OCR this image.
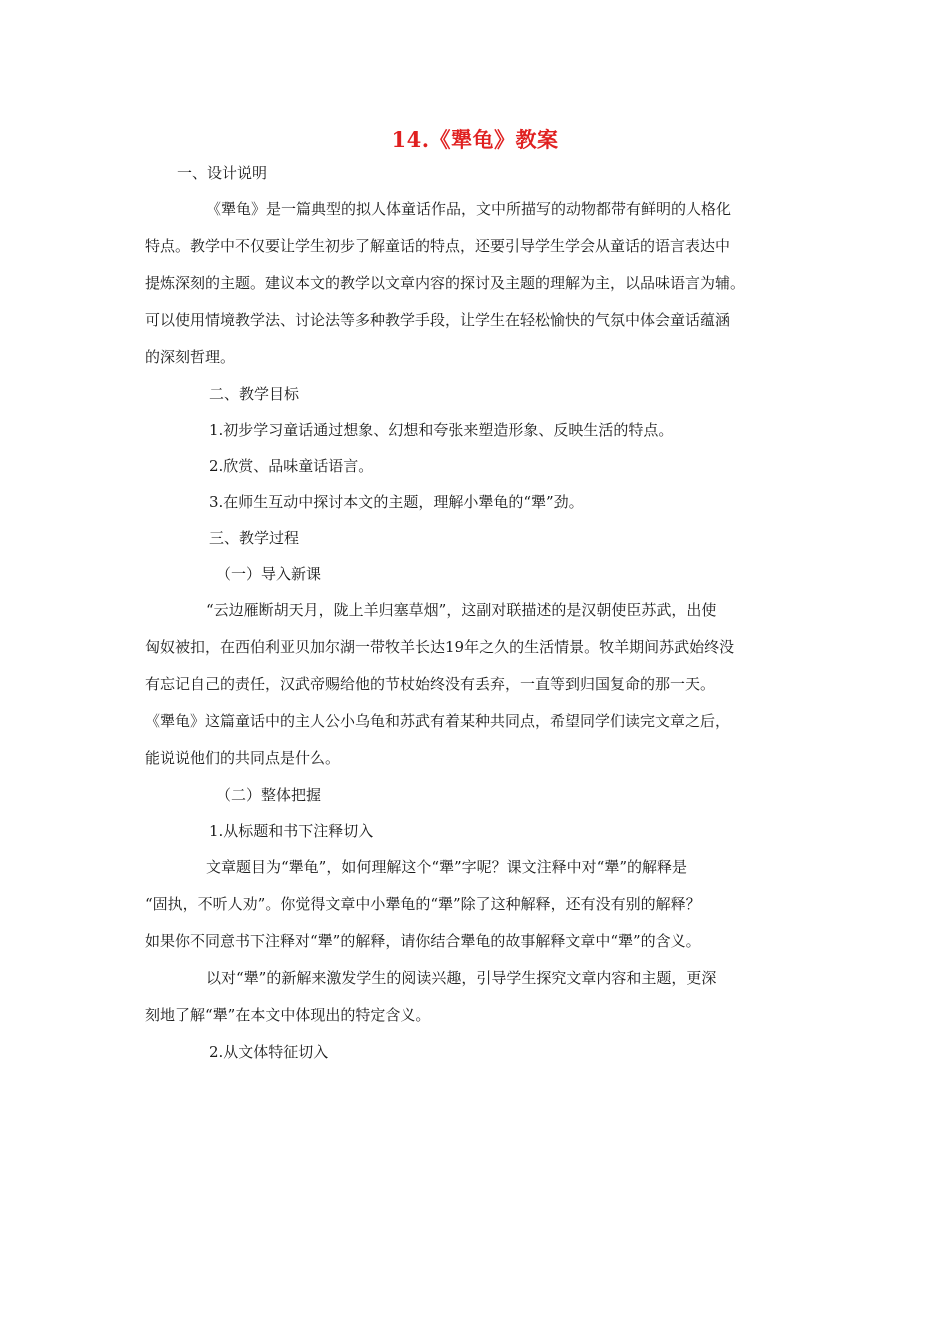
14.《犟龟》教案
一、设计说明
《犟龟》是一篇典型的拟人体童话作品，文中所描写的动物都带有鲜明的人格化
特点。教学中不仅要让学生初步了解童话的特点，还要引导学生学会从童话的语言表达中
提炼深刻的主题。建议本文的教学以文章内容的探讨及主题的理解为主，以品味语言为辅。
可以使用情境教学法、讨论法等多种教学手段，让学生在轻松愉快的气氛中体会童话蕴涵
的深刻哲理。
二、教学目标
1.初步学习童话通过想象、幻想和夸张来塑造形象、反映生活的特点。
2.欣赏、品味童话语言。
3.在师生互动中探讨本文的主题，理解小犟龟的“犟”劲。
三、教学过程
（一）导入新课
“云边雁断胡天月，陇上羊归塞草烟”，这副对联描述的是汉朝使臣苏武，出使
匈奴被扣，在西伯利亚贝加尔湖一带牧羊长达19年之久的生活情景。牧羊期间苏武始终没
有忘记自己的责任，汉武帝赐给他的节杖始终没有丢弃，一直等到归国复命的那一天。
《犟龟》这篇童话中的主人公小乌龟和苏武有着某种共同点，希望同学们读完文章之后，
能说说他们的共同点是什么。
（二）整体把握
1.从标题和书下注释切入
文章题目为“犟龟”，如何理解这个“犟”字呢？课文注释中对“犟”的解释是
“固执，不听人劝”。你觉得文章中小犟龟的“犟”除了这种解释，还有没有别的解释？
如果你不同意书下注释对“犟”的解释，请你结合犟龟的故事解释文章中“犟”的含义。
以对“犟”的新解来激发学生的阅读兴趣，引导学生探究文章内容和主题，更深
刻地了解“犟”在本文中体现出的特定含义。
2.从文体特征切入
